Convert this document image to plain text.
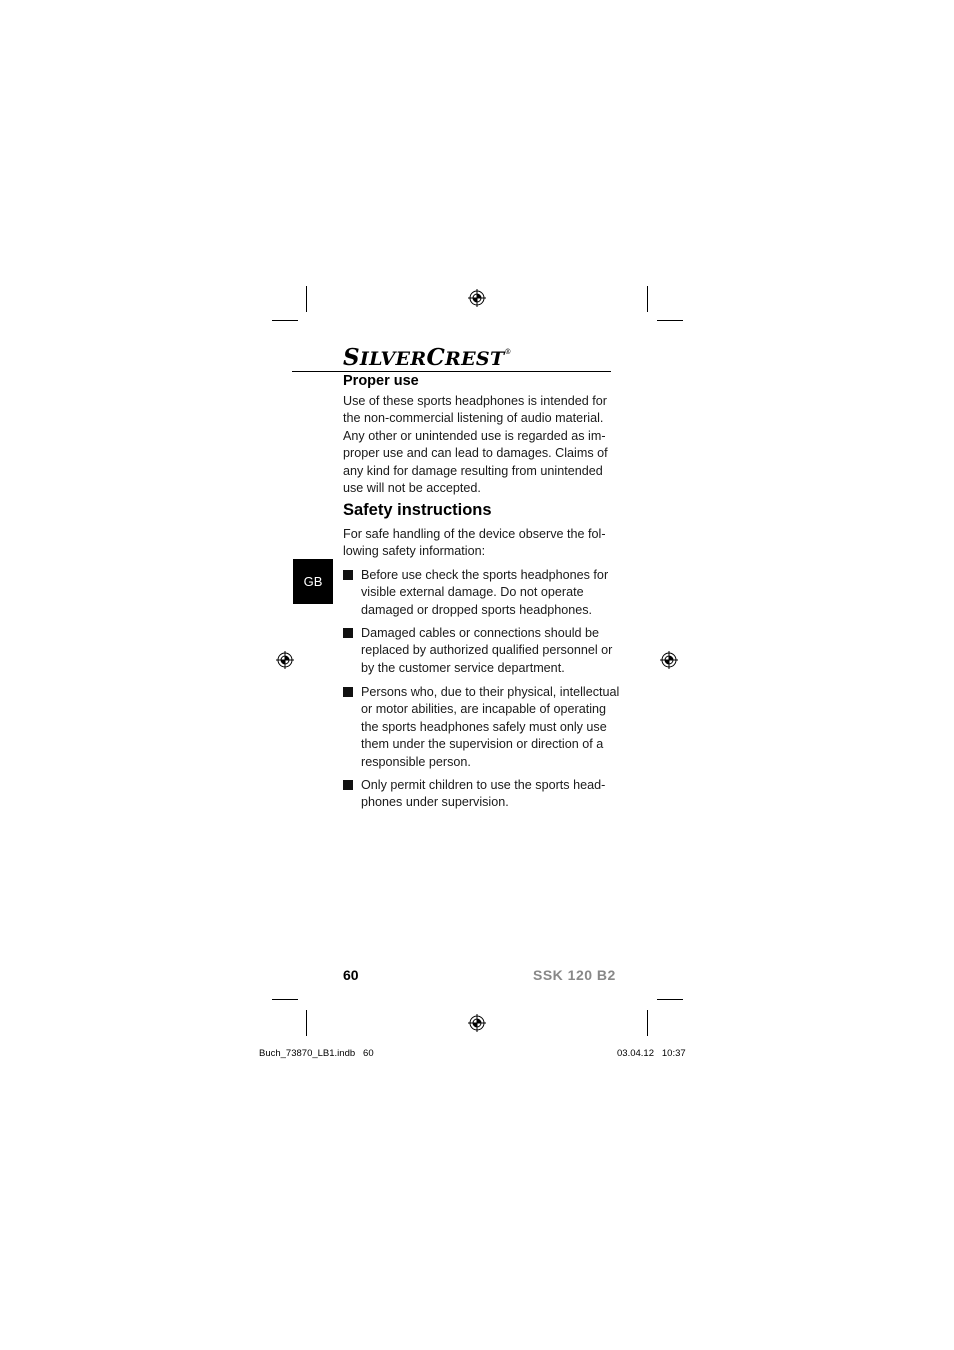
SILVERCREST®
Proper use
Use of these sports headphones is intended for
the non-commercial listening of audio material.
Any other or unintended use is regarded as im-
proper use and can lead to damages. Claims of
any kind for damage resulting from unintended
use will not be accepted.
Safety instructions
For safe handling of the device observe the fol-
lowing safety information:
GB	Before use check the sports headphones for
visible external damage. Do not operate
damaged or dropped sports headphones.
Damaged cables or connections should be
replaced by authorized qualified personnel or
by the customer service department.
Persons who, due to their physical, intellectual
or motor abilities, are incapable of operating
the sports headphones safely must only use
them under the supervision or direction of a
responsible person.
Only permit children to use the sports head-
phones under supervision.
60	SSK 120 B2
Buch_73870_LB1.indb   60	03.04.12   10:37
